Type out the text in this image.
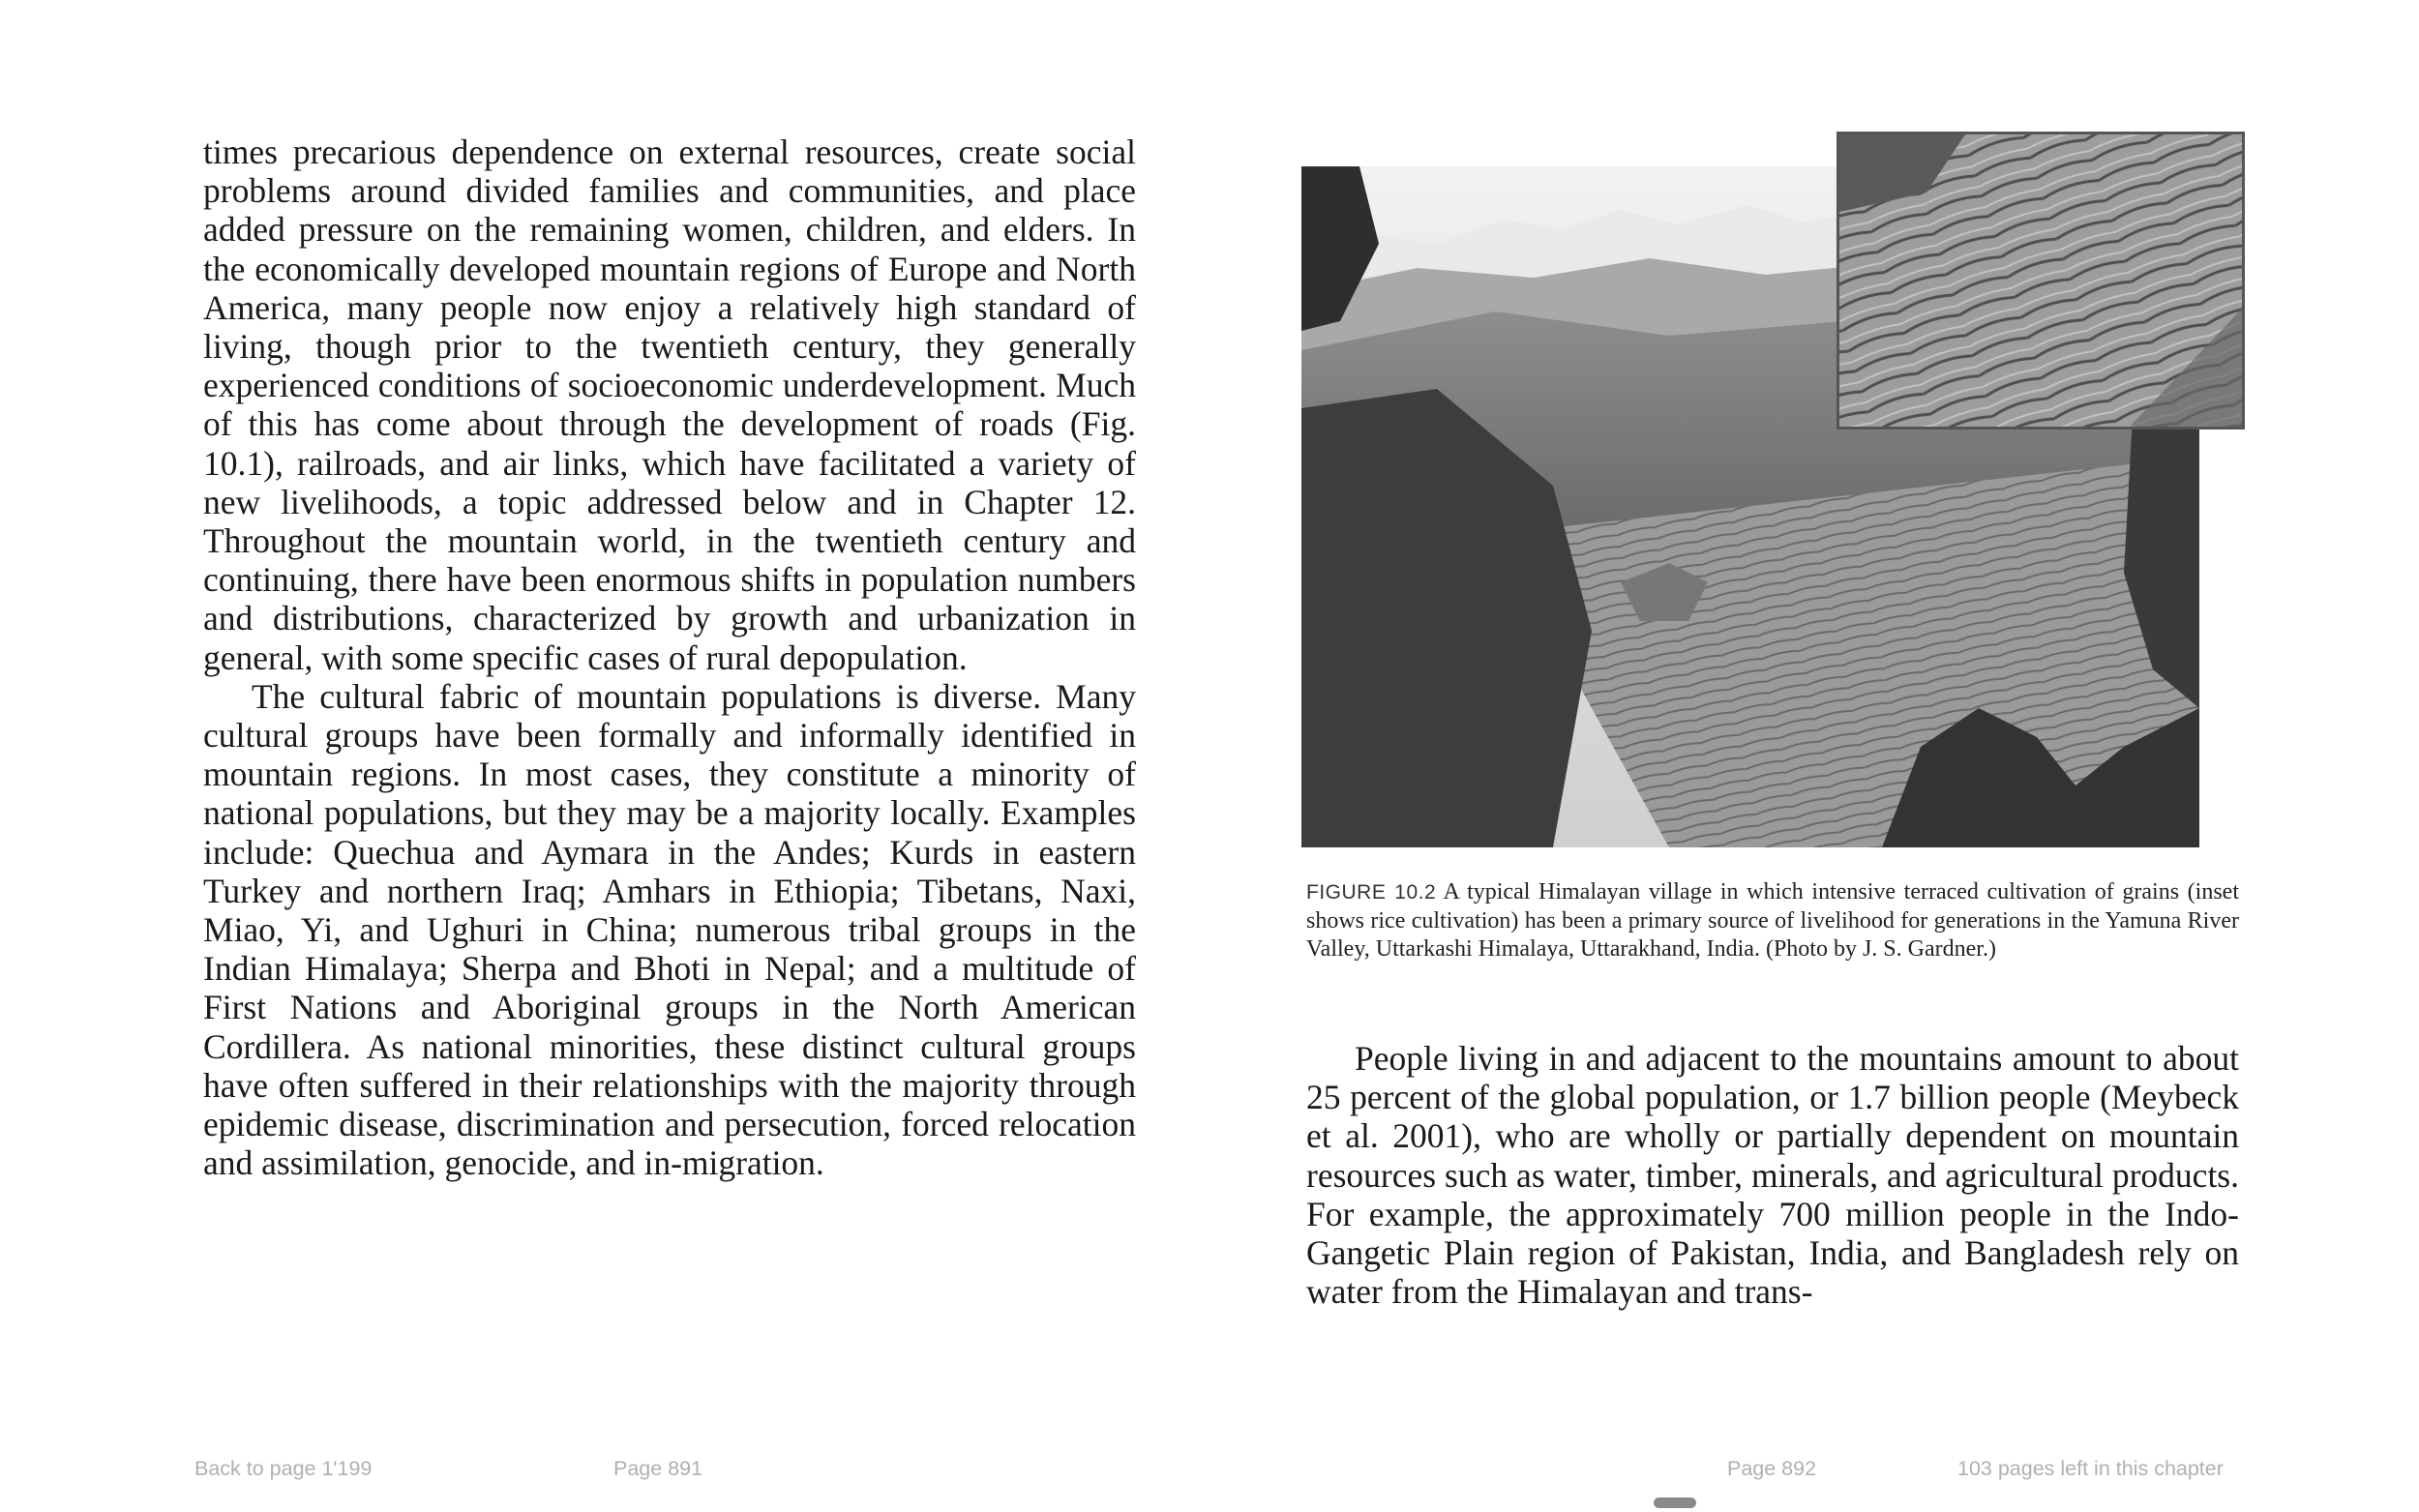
times precarious dependence on external resources, create social problems around divided families and communities, and place added pressure on the remaining women, children, and elders. In the economically developed mountain regions of Europe and North America, many people now enjoy a relatively high standard of living, though prior to the twentieth century, they generally experienced conditions of socioeconomic underdevelopment. Much of this has come about through the development of roads (Fig. 10.1), railroads, and air links, which have facilitated a variety of new livelihoods, a topic addressed below and in Chapter 12. Throughout the mountain world, in the twentieth century and continuing, there have been enormous shifts in population numbers and distributions, characterized by growth and urbanization in general, with some specific cases of rural depopulation.

The cultural fabric of mountain populations is diverse. Many cultural groups have been formally and informally identified in mountain regions. In most cases, they constitute a minority of national populations, but they may be a majority locally. Examples include: Quechua and Aymara in the Andes; Kurds in eastern Turkey and northern Iraq; Amhars in Ethiopia; Tibetans, Naxi, Miao, Yi, and Ughuri in China; numerous tribal groups in the Indian Himalaya; Sherpa and Bhoti in Nepal; and a multitude of First Nations and Aboriginal groups in the North American Cordillera. As national minorities, these distinct cultural groups have often suffered in their relationships with the majority through epidemic disease, discrimination and persecution, forced relocation and assimilation, genocide, and in-migration.

FIGURE 10.2 A typical Himalayan village in which intensive terraced cultivation of grains (inset shows rice cultivation) has been a primary source of livelihood for generations in the Yamuna River Valley, Uttarkashi Himalaya, Uttarakhand, India. (Photo by J. S. Gardner.)

People living in and adjacent to the mountains amount to about 25 percent of the global population, or 1.7 billion people (Meybeck et al. 2001), who are wholly or partially dependent on mountain resources such as water, timber, minerals, and agricultural products. For example, the approximately 700 million people in the Indo-Gangetic Plain region of Pakistan, India, and Bangladesh rely on water from the Himalayan and trans-

Back to page 1'199	Page 891	Page 892	103 pages left in this chapter
